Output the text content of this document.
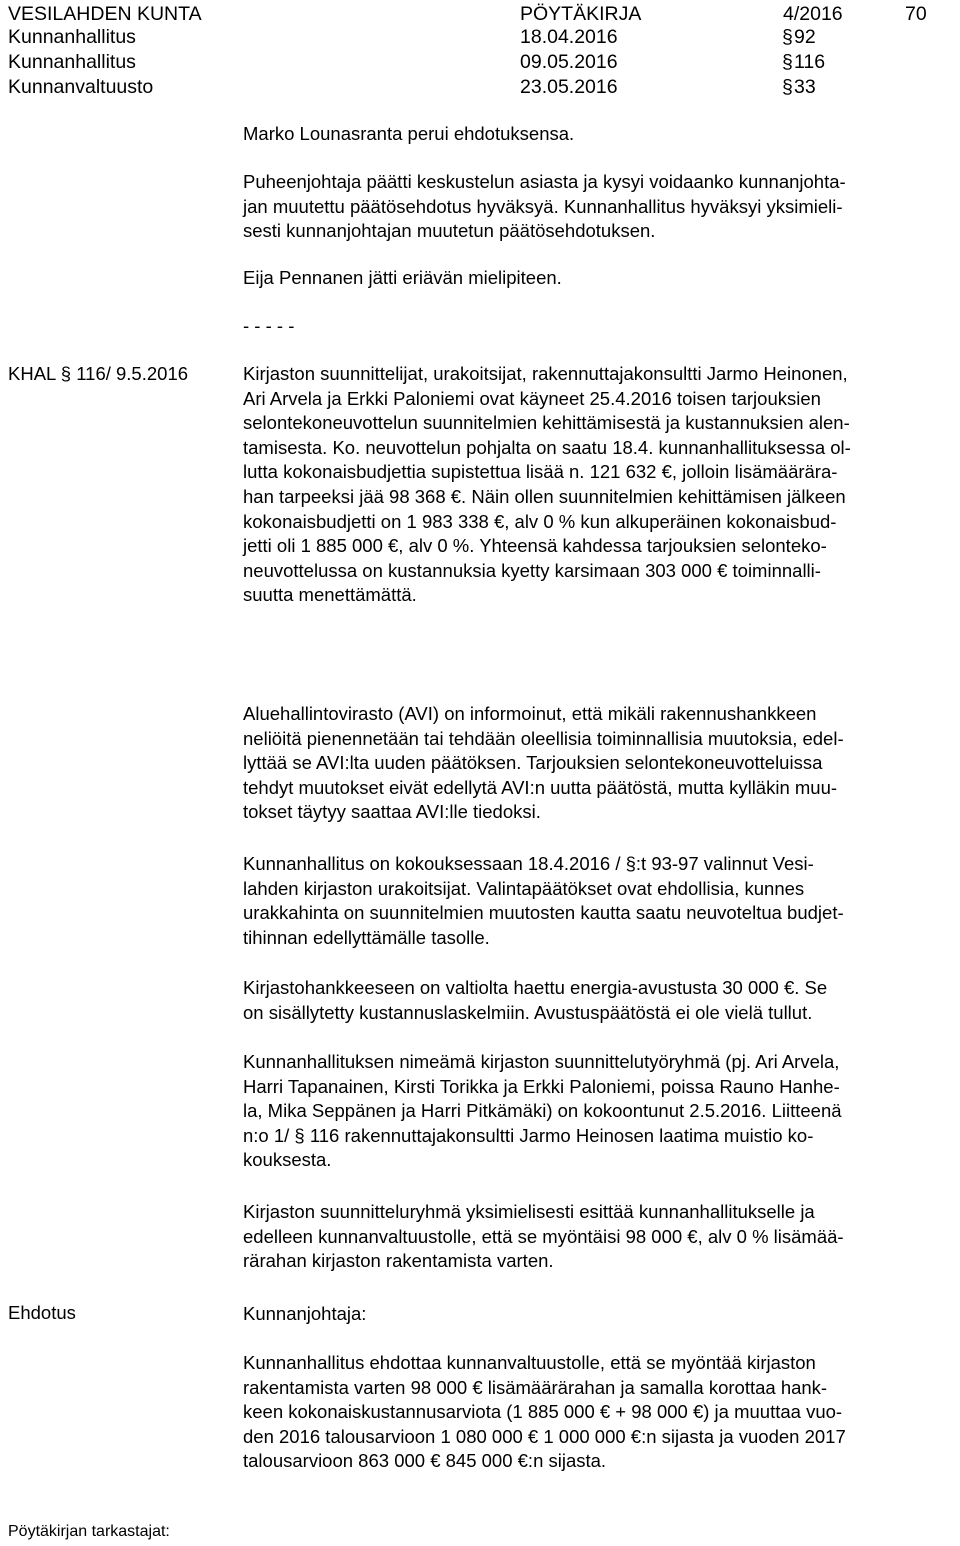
VESILAHDEN KUNTA	PÖYTÄKIRJA	4/2016	70
Kunnanhallitus	18.04.2016	§ 92
Kunnanhallitus	09.05.2016	§ 116
Kunnanvaltuusto	23.05.2016	§ 33
Marko Lounasranta perui ehdotuksensa.
Puheenjohtaja päätti keskustelun asiasta ja kysyi voidaanko kunnanjohta-
jan muutettu päätösehdotus hyväksyä. Kunnanhallitus hyväksyi yksimieli-
sesti kunnanjohtajan muutetun päätösehdotuksen.
Eija Pennanen jätti eriävän mielipiteen.
- - - - -
KHAL § 116/ 9.5.2016	Kirjaston suunnittelijat, urakoitsijat, rakennuttajakonsultti Jarmo Heinonen,
Ari Arvela ja Erkki Paloniemi ovat käyneet 25.4.2016 toisen tarjouksien
selontekoneuvottelun suunnitelmien kehittämisestä ja kustannuksien alen-
tamisesta. Ko. neuvottelun pohjalta on saatu 18.4. kunnanhallituksessa ol-
lutta kokonaisbudjettia supistettua lisää n. 121 632 €, jolloin lisämäärära-
han tarpeeksi jää 98 368 €. Näin ollen suunnitelmien kehittämisen jälkeen
kokonaisbudjetti on 1 983 338 €, alv 0 % kun alkuperäinen kokonaisbud-
jetti oli 1 885 000 €, alv 0 %. Yhteensä kahdessa tarjouksien selonteko-
neuvottelussa on kustannuksia kyetty karsimaan 303 000 € toiminnalli-
suutta menettämättä.
Aluehallintovirasto (AVI) on informoinut, että mikäli rakennushankkeen
neliöitä pienennetään tai tehdään oleellisia toiminnallisia muutoksia, edel-
lyttää se AVI:lta uuden päätöksen. Tarjouksien selontekoneuvotteluissa
tehdyt muutokset eivät edellytä AVI:n uutta päätöstä, mutta kylläkin muu-
tokset täytyy saattaa AVI:lle tiedoksi.
Kunnanhallitus on kokouksessaan 18.4.2016 / §:t 93-97 valinnut Vesi-
lahden kirjaston urakoitsijat. Valintapäätökset ovat ehdollisia, kunnes
urakkahinta on suunnitelmien muutosten kautta saatu neuvoteltua budjet-
tihinnan edellyttämälle tasolle.
Kirjastohankkeeseen on valtiolta haettu energia-avustusta 30 000 €. Se
on sisällytetty kustannuslaskelmiin. Avustuspäätöstä ei ole vielä tullut.
Kunnanhallituksen nimeämä kirjaston suunnittelutyöryhmä (pj. Ari Arvela,
Harri Tapanainen, Kirsti Torikka ja Erkki Paloniemi, poissa Rauno Hanhe-
la, Mika Seppänen ja Harri Pitkämäki) on kokoontunut 2.5.2016. Liitteenä
n:o 1/ § 116 rakennuttajakonsultti Jarmo Heinosen laatima muistio ko-
kouksesta.
Kirjaston suunnitteluryhmä yksimielisesti esittää kunnanhallitukselle ja
edelleen kunnanvaltuustolle, että se myöntäisi 98 000 €, alv 0 % lisämää-
rärahan kirjaston rakentamista varten.
Ehdotus	Kunnanjohtaja:
Kunnanhallitus ehdottaa kunnanvaltuustolle, että se myöntää kirjaston
rakentamista varten 98 000 € lisämäärärahan ja samalla korottaa hank-
keen kokonaiskustannusarviota (1 885 000 € + 98 000 €) ja muuttaa vuo-
den 2016 talousarvioon 1 080 000 € 1 000 000 €:n sijasta ja vuoden 2017
talousarvioon 863 000 € 845 000 €:n sijasta.
Pöytäkirjan tarkastajat:
